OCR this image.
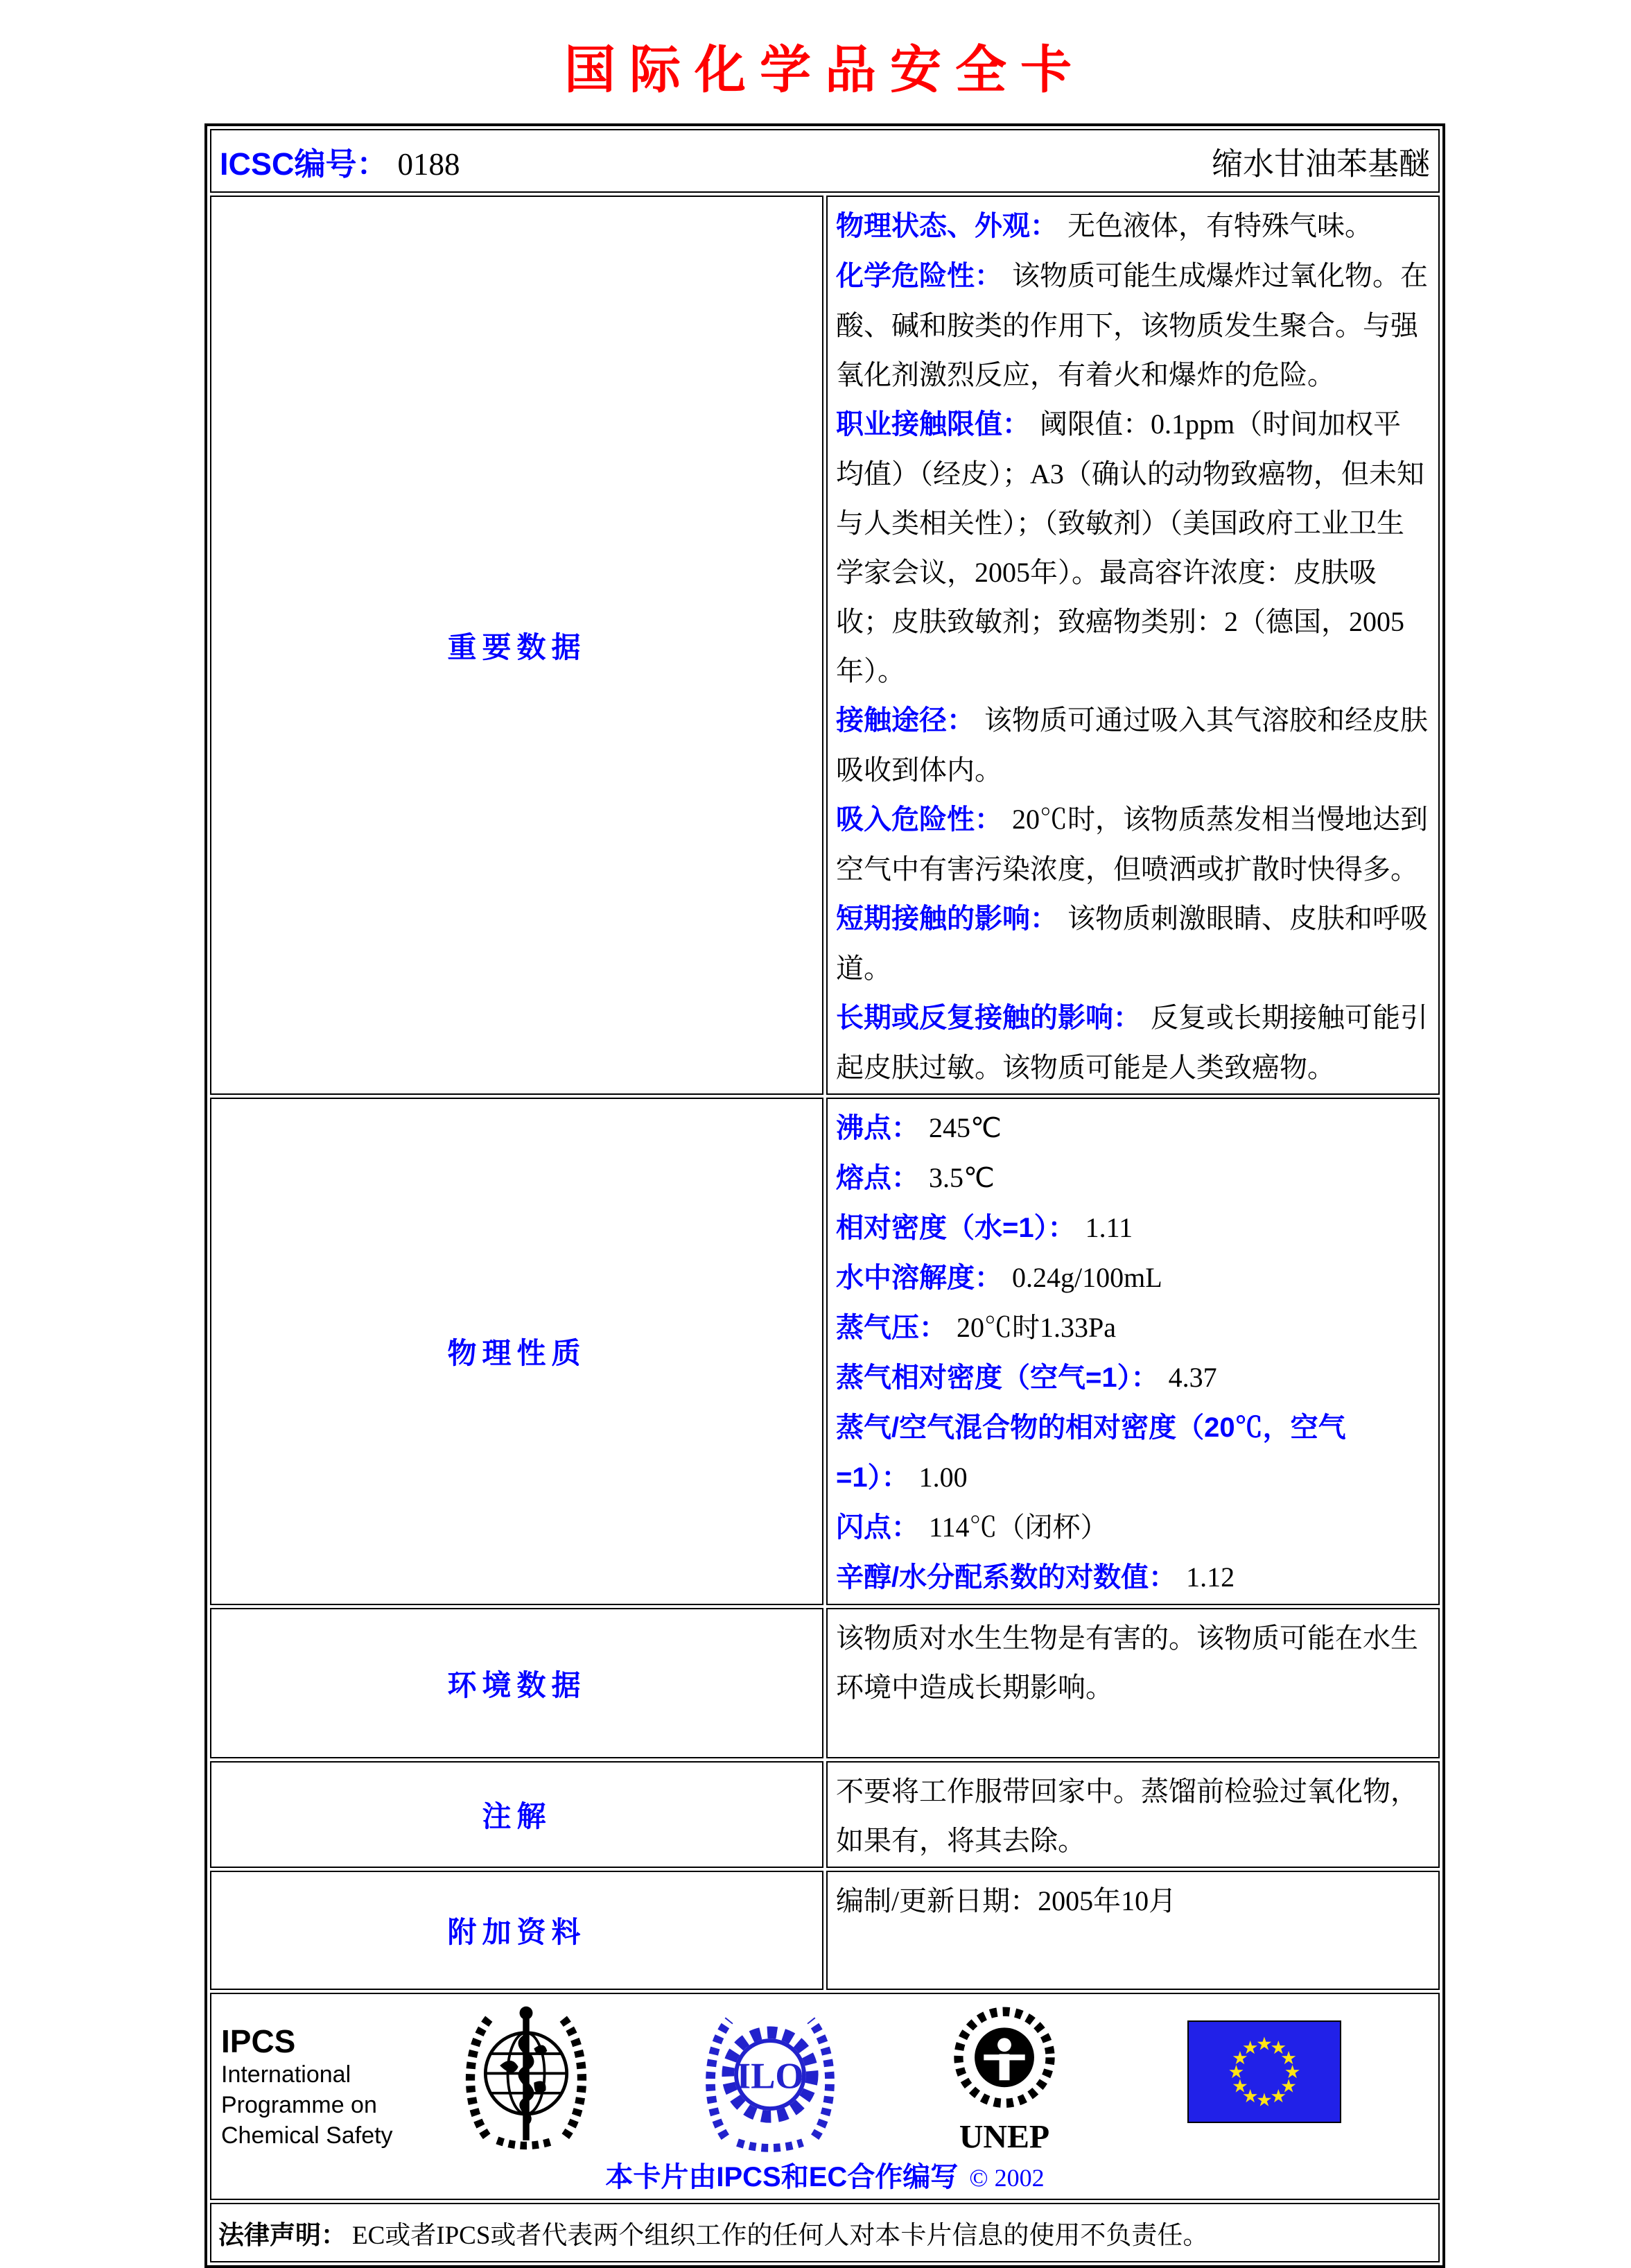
国际化学品安全卡
ICSC编号： 0188 缩水甘油苯基醚	

重要数据	
物理状态、外观： 无色液体，有特殊气味。
化学危险性： 该物质可能生成爆炸过氧化物。在酸、碱和胺类的作用下，该物质发生聚合。与强氧化剂激烈反应，有着火和爆炸的危险。
职业接触限值： 阈限值：0.1ppm（时间加权平均值）（经皮）；A3（确认的动物致癌物，但未知与人类相关性）；（致敏剂）（美国政府工业卫生学家会议，2005年）。最高容许浓度：皮肤吸收；皮肤致敏剂；致癌物类别：2（德国，2005年）。
接触途径： 该物质可通过吸入其气溶胶和经皮肤吸收到体内。
吸入危险性： 20℃时，该物质蒸发相当慢地达到空气中有害污染浓度，但喷洒或扩散时快得多。
短期接触的影响： 该物质刺激眼睛、皮肤和呼吸道。
长期或反复接触的影响： 反复或长期接触可能引起皮肤过敏。该物质可能是人类致癌物。

物理性质	
沸点： 245℃
熔点： 3.5℃
相对密度（水=1）： 1.11
水中溶解度： 0.24g/100mL
蒸气压： 20℃时1.33Pa
蒸气相对密度（空气=1）： 4.37
蒸气/空气混合物的相对密度（20℃，空气=1）： 1.00
闪点： 114℃（闭杯）
辛醇/水分配系数的对数值： 1.12

环境数据	该物质对水生生物是有害的。该物质可能在水生环境中造成长期影响。
注解	不要将工作服带回家中。蒸馏前检验过氧化物，如果有，将其去除。
附加资料	编制/更新日期：2005年10月

IPCS
International
Programme on
Chemical Safety
ILO
UNEP
★
★
★
★
★
★
★
★
★
★
★
★
本卡片由IPCS和EC合作编写 © 2002

法律声明： EC或者IPCS或者代表两个组织工作的任何人对本卡片信息的使用不负责任。	
